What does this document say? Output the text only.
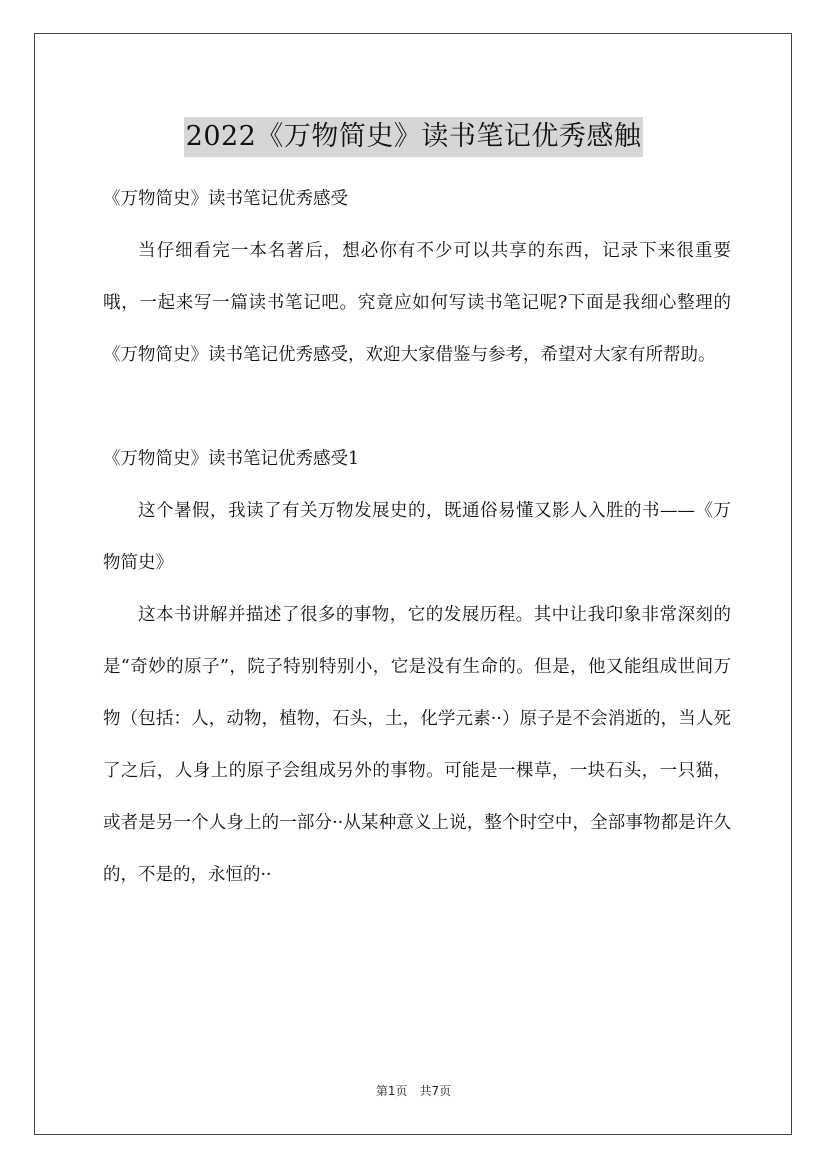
2022《万物简史》读书笔记优秀感触

《万物简史》读书笔记优秀感受

当仔细看完一本名著后，想必你有不少可以共享的东西，记录下来很重要哦，一起来写一篇读书笔记吧。究竟应如何写读书笔记呢?下面是我细心整理的《万物简史》读书笔记优秀感受，欢迎大家借鉴与参考，希望对大家有所帮助。

《万物简史》读书笔记优秀感受1

这个暑假，我读了有关万物发展史的，既通俗易懂又影人入胜的书——《万物简史》

这本书讲解并描述了很多的事物，它的发展历程。其中让我印象非常深刻的是“奇妙的原子”，院子特别特别小，它是没有生命的。但是，他又能组成世间万物（包括：人，动物，植物，石头，土，化学元素··）原子是不会消逝的，当人死了之后，人身上的原子会组成另外的事物。可能是一棵草，一块石头，一只猫，或者是另一个人身上的一部分··从某种意义上说，整个时空中，全部事物都是许久的，不是的，永恒的··

第1页 共7页
